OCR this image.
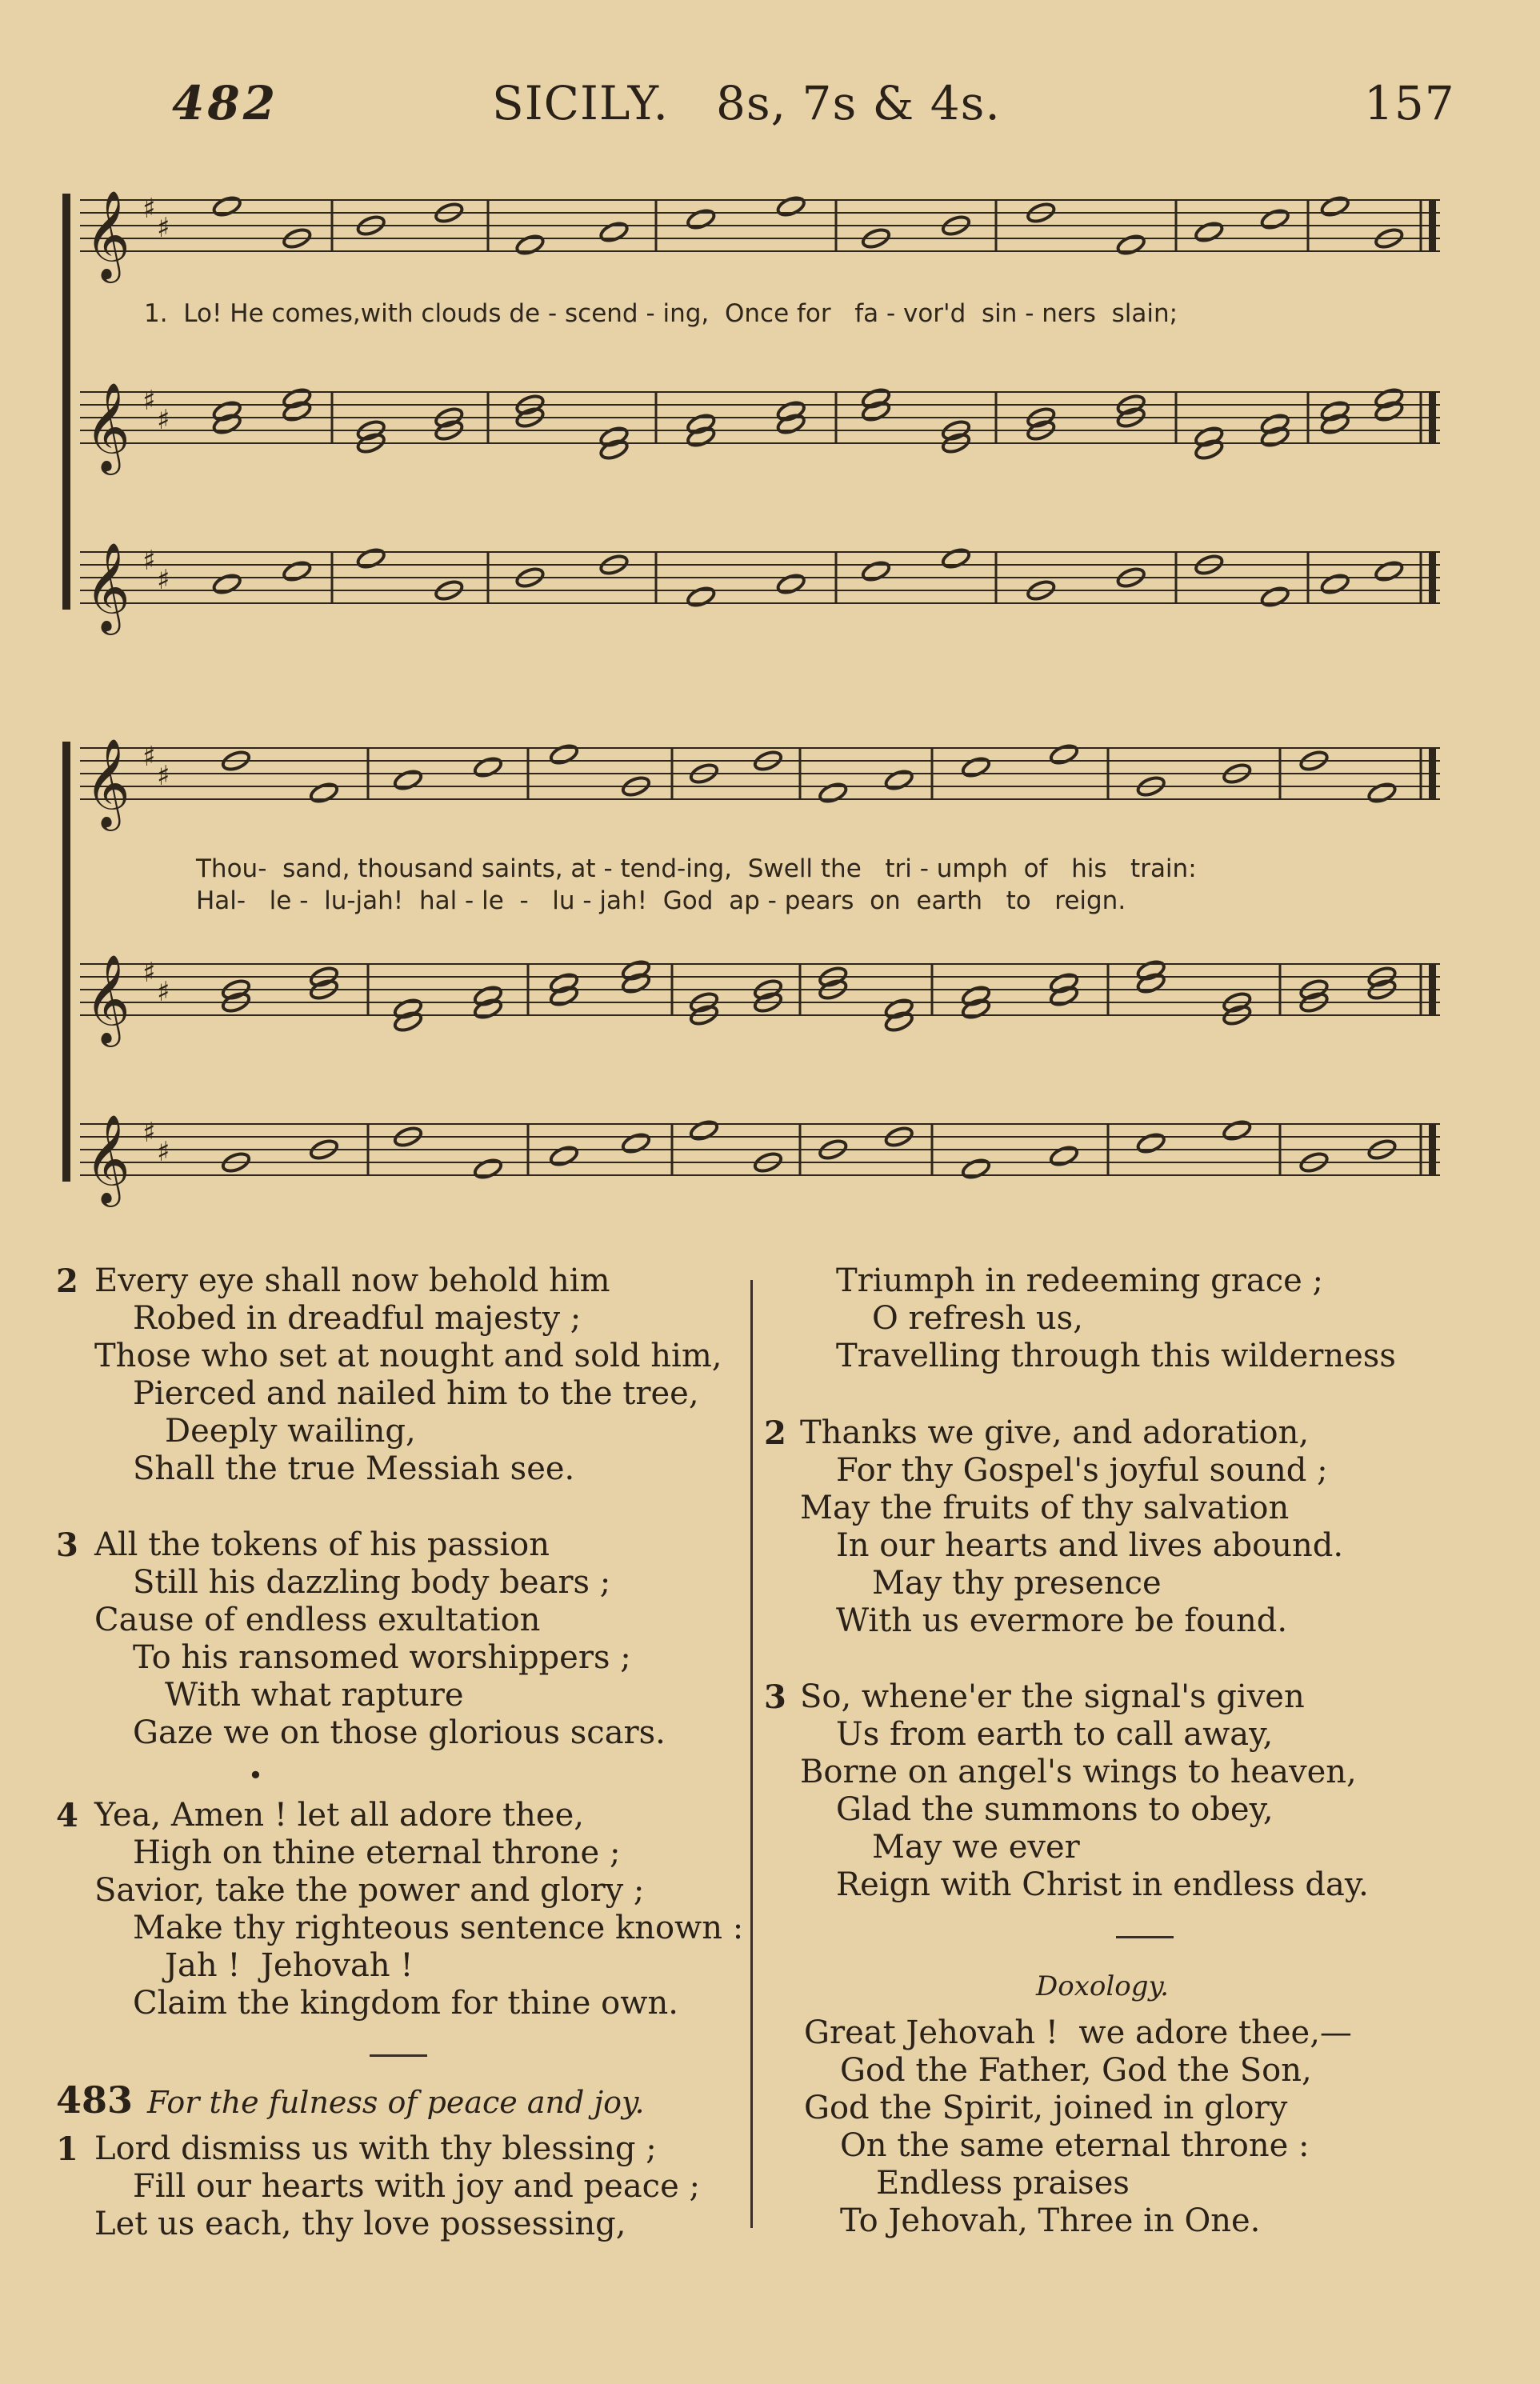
482	SICILY. 8s, 7s & 4s.	157
𝄞 ♯
♯
𝄞 ♯
♯
𝄞 ♯
♯
𝄞 ♯
♯
𝄞 ♯
♯
𝄞 ♯
♯
1.  Lo! He comes,with clouds de - scend - ing,  Once for   fa - vor'd  sin - ners  slain;
Thou-  sand, thousand saints, at - tend-ing,  Swell the   tri - umph  of   his   train:
Hal-   le -  lu-jah!  hal - le  -   lu - jah!  God  ap - pears  on  earth   to   reign.
2 Every eye shall now behold him
Robed in dreadful majesty ;
Those who set at nought and sold him,
Pierced and nailed him to the tree,
Deeply wailing,
Shall the true Messiah see.
3 All the tokens of his passion
Still his dazzling body bears ;
Cause of endless exultation
To his ransomed worshippers ;
With what rapture
Gaze we on those glorious scars.
•
4 Yea, Amen ! let all adore thee,
High on thine eternal throne ;
Savior, take the power and glory ;
Make thy righteous sentence known :
Jah !  Jehovah !
Claim the kingdom for thine own.
483 For the fulness of peace and joy.
1 Lord dismiss us with thy blessing ;
Fill our hearts with joy and peace ;
Let us each, thy love possessing,
Triumph in redeeming grace ;
O refresh us,
Travelling through this wilderness
2 Thanks we give, and adoration,
For thy Gospel's joyful sound ;
May the fruits of thy salvation
In our hearts and lives abound.
May thy presence
With us evermore be found.
3 So, whene'er the signal's given
Us from earth to call away,
Borne on angel's wings to heaven,
Glad the summons to obey,
May we ever
Reign with Christ in endless day.
Doxology.
Great Jehovah !  we adore thee,—
God the Father, God the Son,
God the Spirit, joined in glory
On the same eternal throne :
Endless praises
To Jehovah, Three in One.
